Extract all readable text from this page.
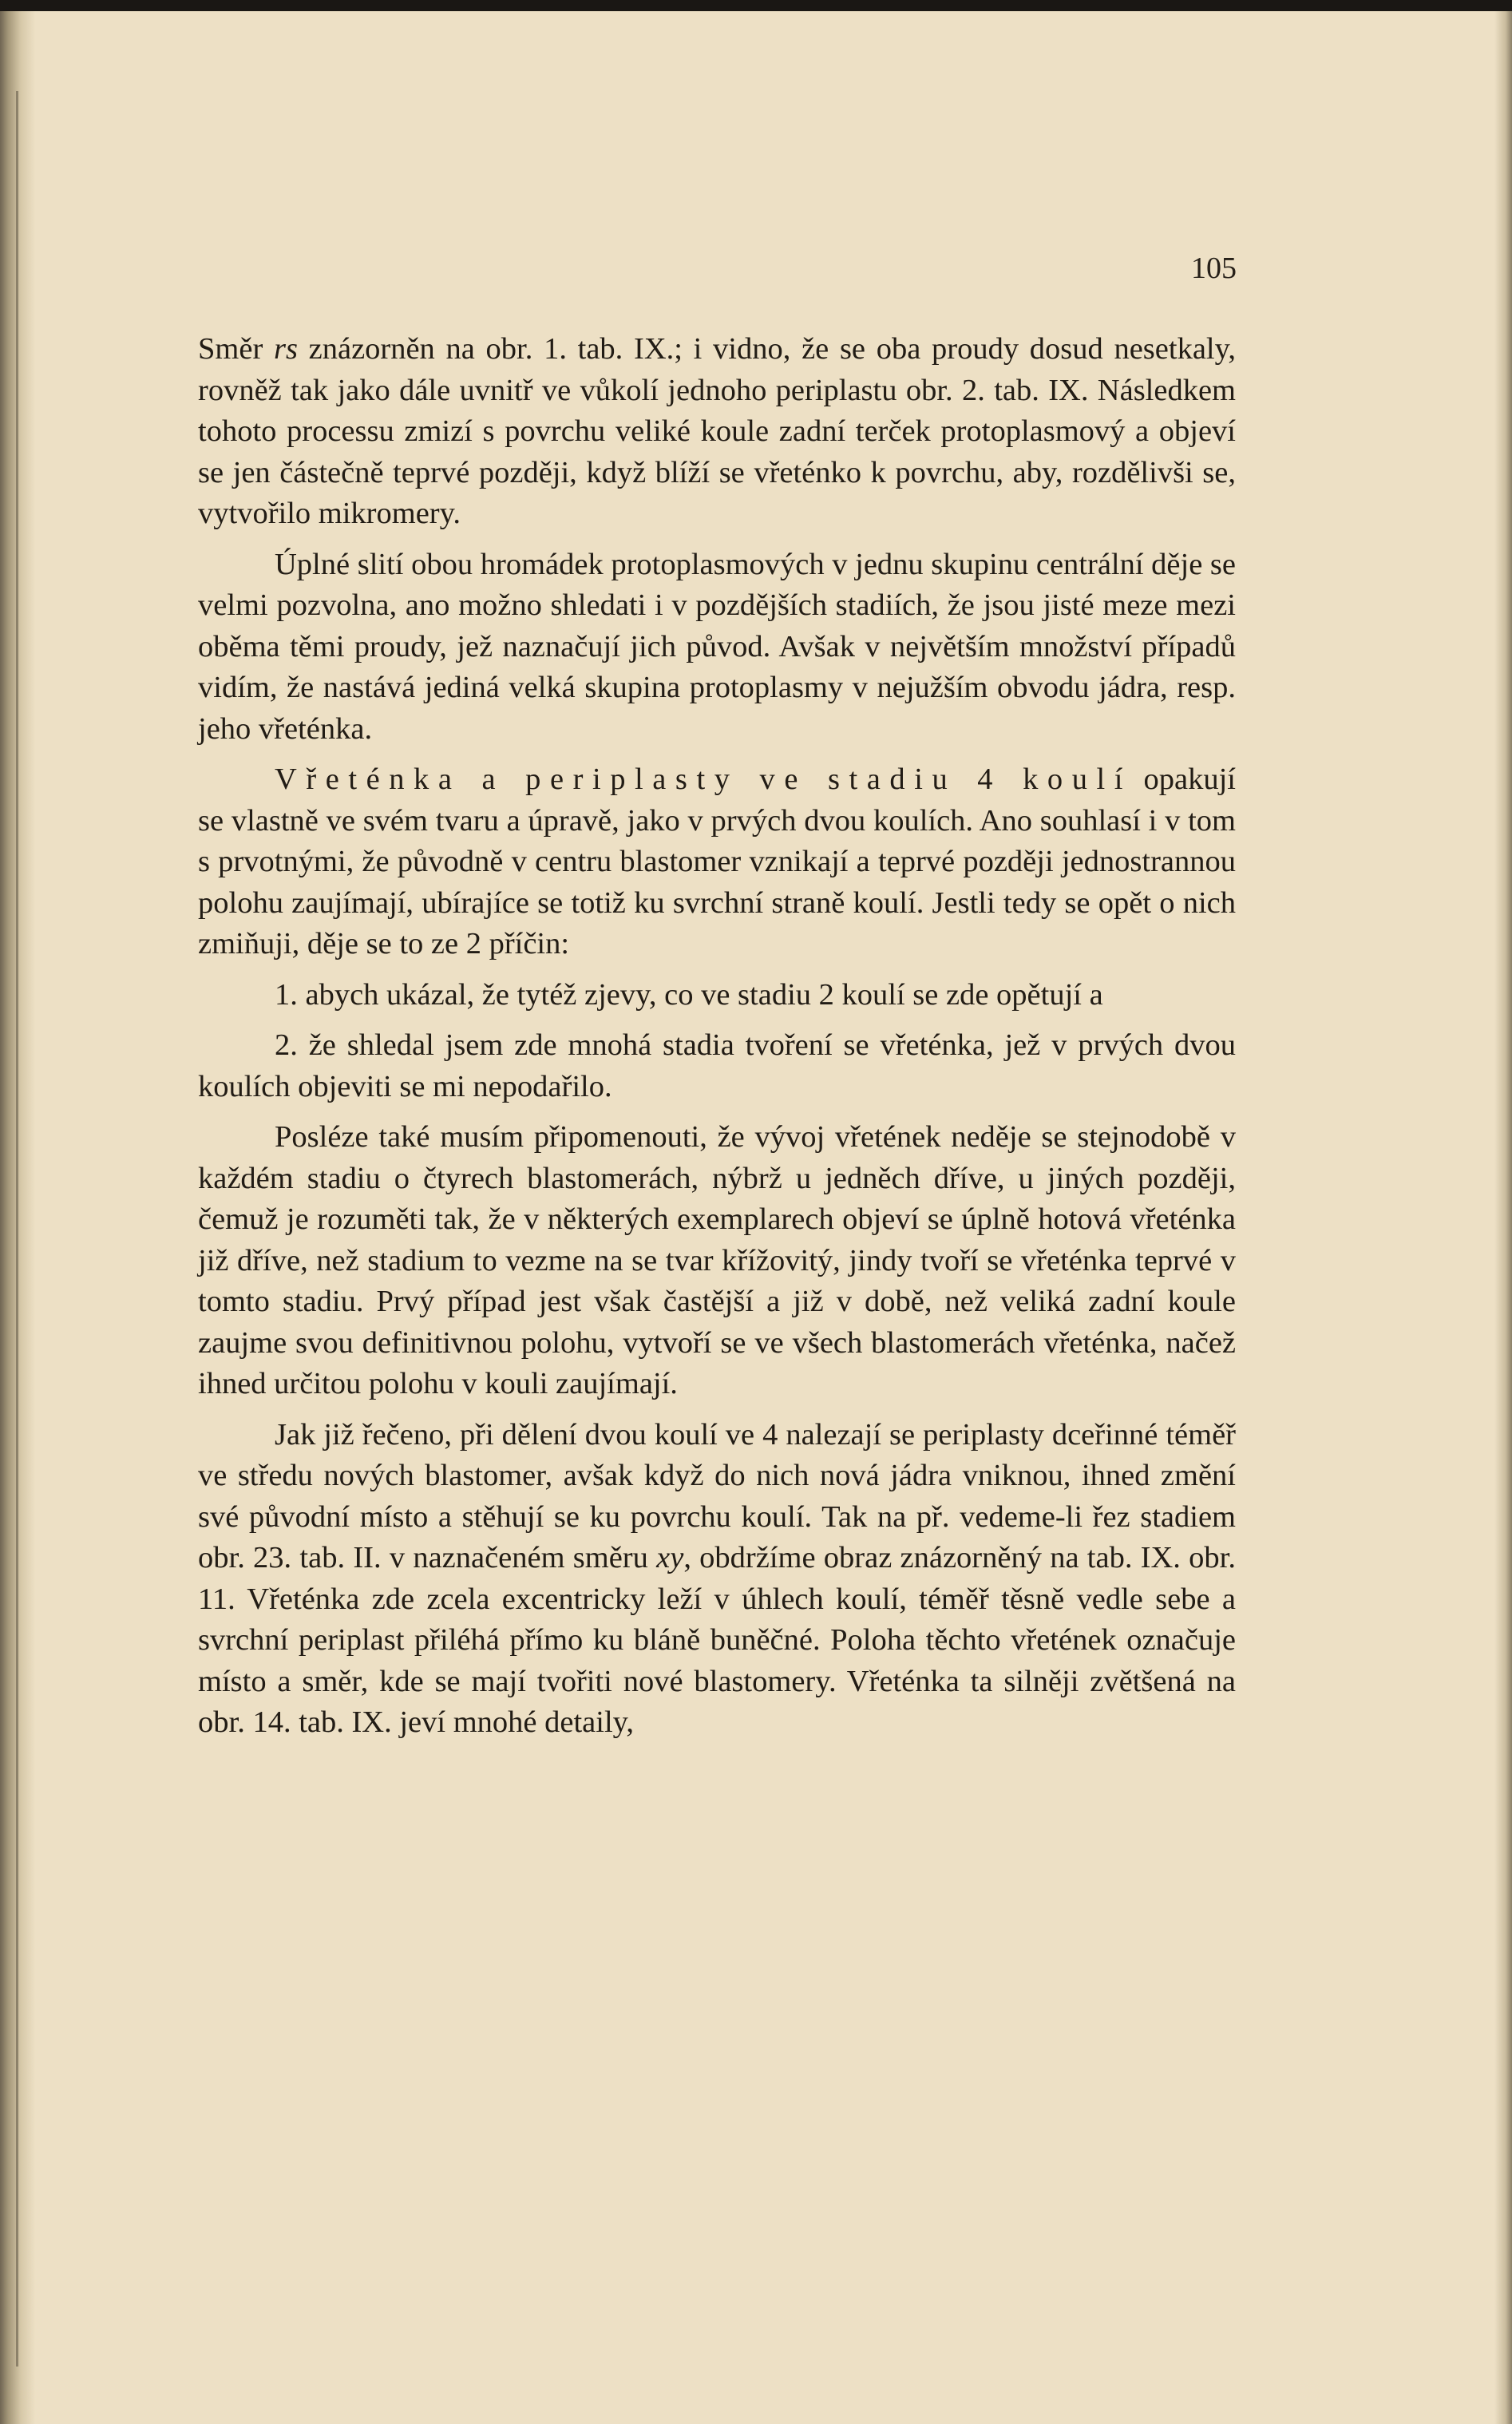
105

Směr rs znázorněn na obr. 1. tab. IX.; i vidno, že se oba proudy dosud nesetkaly, rovněž tak jako dále uvnitř ve vůkolí jednoho periplastu obr. 2. tab. IX. Následkem tohoto processu zmizí s povrchu veliké koule zadní terček protoplasmový a objeví se jen částečně teprvé později, když blíží se vřeténko k povrchu, aby, rozdělivši se, vytvořilo mikromery.

Úplné slití obou hromádek protoplasmových v jednu skupinu centrální děje se velmi pozvolna, ano možno shledati i v pozdějších stadiích, že jsou jisté meze mezi oběma těmi proudy, jež naznačují jich původ. Avšak v největším množství případů vidím, že nastává jediná velká skupina protoplasmy v nejužším obvodu jádra, resp. jeho vřeténka.

Vřeténka a periplasty ve stadiu 4 koulí opakují se vlastně ve svém tvaru a úpravě, jako v prvých dvou koulích. Ano souhlasí i v tom s prvotnými, že původně v centru blastomer vznikají a teprvé později jednostrannou polohu zaujímají, ubírajíce se totiž ku svrchní straně koulí. Jestli tedy se opět o nich zmiňuji, děje se to ze 2 příčin:

1. abych ukázal, že tytéž zjevy, co ve stadiu 2 koulí se zde opětují a

2. že shledal jsem zde mnohá stadia tvoření se vřeténka, jež v prvých dvou koulích objeviti se mi nepodařilo.

Posléze také musím připomenouti, že vývoj vřetének neděje se stejnodobě v každém stadiu o čtyrech blastomerách, nýbrž u jedněch dříve, u jiných později, čemuž je rozuměti tak, že v některých exemplarech objeví se úplně hotová vřeténka již dříve, než stadium to vezme na se tvar křížovitý, jindy tvoří se vřeténka teprvé v tomto stadiu. Prvý případ jest však častější a již v době, než veliká zadní koule zaujme svou definitivnou polohu, vytvoří se ve všech blastomerách vřeténka, načež ihned určitou polohu v kouli zaujímají.

Jak již řečeno, při dělení dvou koulí ve 4 nalezají se periplasty dceřinné téměř ve středu nových blastomer, avšak když do nich nová jádra vniknou, ihned změní své původní místo a stěhují se ku povrchu koulí. Tak na př. vedeme-li řez stadiem obr. 23. tab. II. v naznačeném směru xy, obdržíme obraz znázorněný na tab. IX. obr. 11. Vřeténka zde zcela excentricky leží v úhlech koulí, téměř těsně vedle sebe a svrchní periplast přiléhá přímo ku bláně buněčné. Poloha těchto vřetének označuje místo a směr, kde se mají tvořiti nové blastomery. Vřeténka ta silněji zvětšená na obr. 14. tab. IX. jeví mnohé detaily,
